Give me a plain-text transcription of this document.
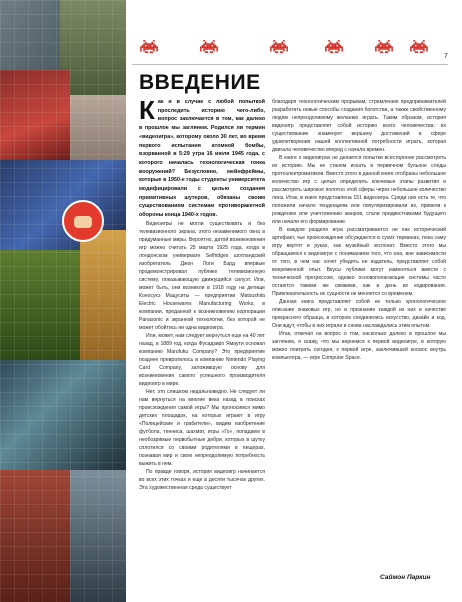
7
ВВЕДЕНИЕ
К ак и в случае с любой попыткой проследить историю чего-либо, вопрос заключается в том, как далеко в прошлое мы заглянем. Родился ли термин «видеоигра», которому около 30 лет, во время первого испытания атомной бомбы, взорванной в 5:29 утра 16 июля 1945 года, с которого началась технологическая гонка вооружений? Безусловно, мейнфреймы, которые в 1950-е годы студенты университета модифицировали с целью создания примитивных шутеров, обязаны своим существованием системам противоракетной обороны конца 1940-х годов.

Видеоигры не могли существовать и без телевизионного экрана, этого незаменимого окна в придуманные миры. Вероятно, датой возникновения игр можно считать 25 марта 1925 года, когда в лондонском универмаге Selfridges шотландский изобретатель Джон Логи Бэрд впервые продемонстрировал публике телевизионную систему, показывающую движущийся силуэт. Или, может быть, они возникли в 1918 году на детище Коносукэ Мацуситы — предприятии Matsushita Electric Housewares Manufacturing Works, в компании, преданной к возникновению корпорации Panasonic и экранной технологии, без которой не может обойтись ни одна видеоигра.

Или, может, нам следует вернуться еще на 40 лет назад, в 1889 год, когда Фусадзиро Ямаути основал компанию Marufuku Company? Это предприятие позднее превратилось в компанию Nintendo Playing Card Company, заложившую основу для возникновения самого успешного производителя видеоигр в мире.

Нет, это слишком недальновидно. Не следует ли нам вернуться на многие века назад в поисках происхождения самой игры? Мы проносимся мимо детских площадок, на которых играют в игру «Полицейские и грабители», видим изобретение футбола, тенниса, шахмат, игры «Го», попадаем в необозримые первобытные дебри, которых в шутку сплотился со своими родителями в пещерах, познавая мир и свою непреодолимую потребность выжить в нем.

По правде говоря, история видеоигр начинается во всех этих точках и еще в десяти тысячах других. Эта художественная среда существует

благодаря технологическим прорывам, стремлению предпринимателей разработать новые способы создания богатства, а также свойственному людям непреодолимому желанию играть. Таким образом, история видеоигр представляет собой историю всего человечества: их существование знаменует вершину достижений в сфере удовлетворения нашей коллективной потребности играть, которая двигала человечество вперед с начала времен.

В книге о видеоиграх не делается попытки всесторонне рассмотреть их историю. Мы не станем искать в первичном бульоне следы протоэлектроматиков. Вместо этого в данной книге отобраны небольшое количество игр с целью определить ключевые этапы развития и рассмотреть широкое полотно этой сферы через небольшое количество линз. Итак, в книге представлена 151 видеоигра. Среди них есть те, что положили начало тенденциям или популяризировали их, привели к рождению или уничтожению жанров, стали предвестниками будущего или начали его формирование.

В каждом разделе игра рассматривается не как исторический артефакт, чье происхождение обсуждается в сухих терминах, пока саму игру вертят в руках, как музейный экспонат. Вместо этого мы обращаемся к видеоигре с пониманием того, что она, вне зависимости от того, в чем нас хочет убедить ее издатель, представляет собой внеременной опыт. Вкусы публики могут изменяться вместе с технической прогрессом, однако основополагающие системы часто остаются такими же свежими, как в день их кодирования. Привлекательность их сущности не меняется со временем.

Данная книга представляет собой не только хронологическое описание знаковых игр, но и признание каждой из них в качестве прекрасного образца, в котором соединились искусство, дизайн и код. Они ждут, чтобы в них играли и снова наслаждались этим опытом.

Итак, отвечая на вопрос о том, насколько далеко в прошлое мы заглянем, я скажу, что мы вернемся к первой видеоигре, в которую можно поиграть сегодня, к первой игре, заключившей космос внутрь компьютера, — игре Computer Space.

Саймон Паркин
